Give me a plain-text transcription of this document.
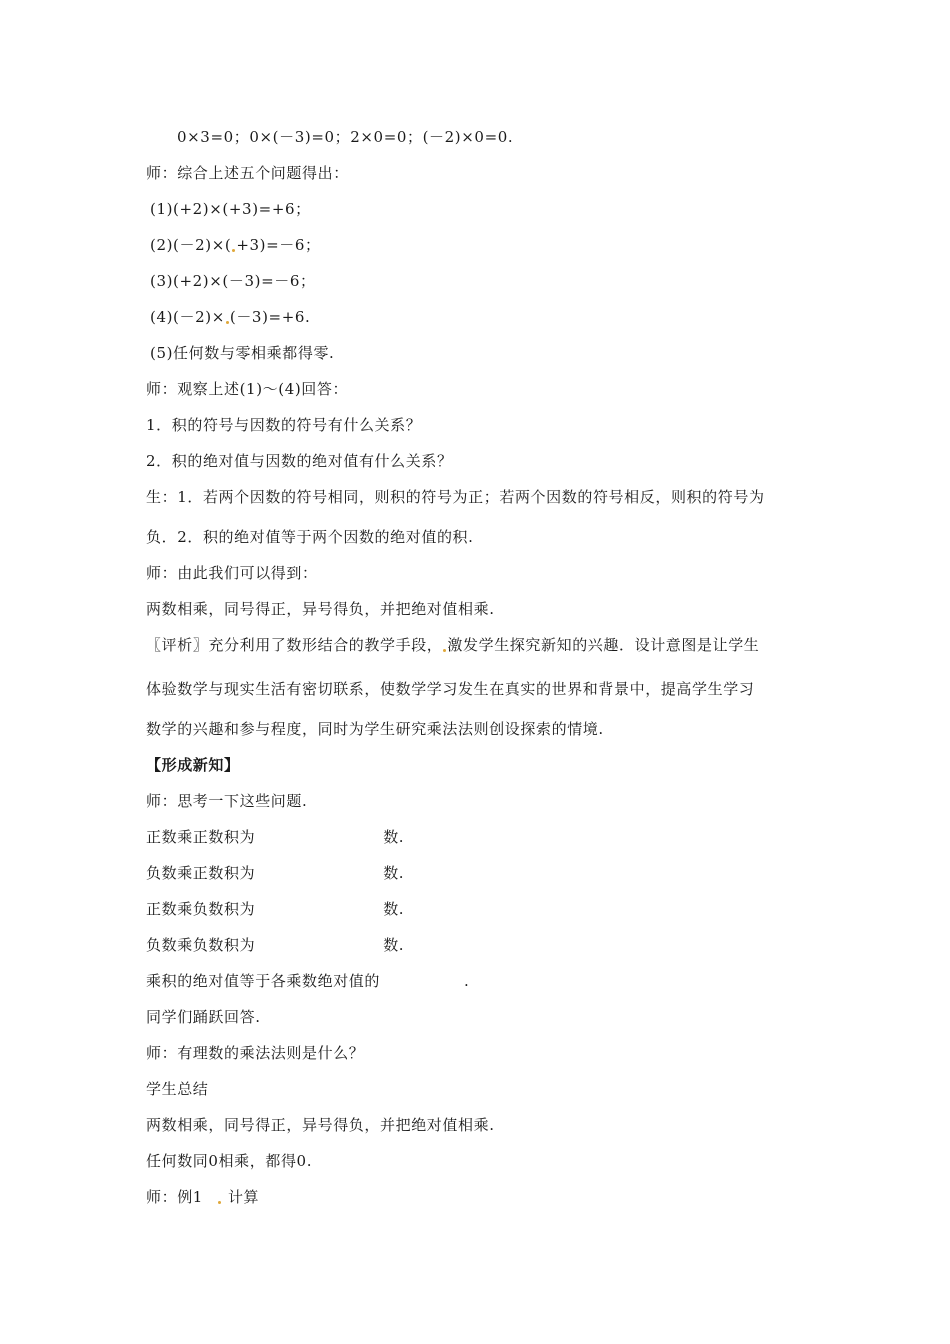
0×3=0；0×(－3)=0；2×0=0；(－2)×0=0.
师：综合上述五个问题得出：
(1)(+2)×(+3)=+6；
(2)(－2)×( +3)=－6；
(3)(+2)×(－3)=－6；
(4)(－2)× (－3)=+6.
(5)任何数与零相乘都得零.
师：观察上述(1)～(4)回答：
1．积的符号与因数的符号有什么关系？
2．积的绝对值与因数的绝对值有什么关系？
生：1．若两个因数的符号相同，则积的符号为正；若两个因数的符号相反，则积的符号为
负．2．积的绝对值等于两个因数的绝对值的积.
师：由此我们可以得到：
两数相乘，同号得正，异号得负，并把绝对值相乘.
〖评析〗充分利用了数形结合的教学手段， 激发学生探究新知的兴趣．设计意图是让学生
体验数学与现实生活有密切联系，使数学学习发生在真实的世界和背景中，提高学生学习
数学的兴趣和参与程度，同时为学生研究乘法法则创设探索的情境.
【形成新知】
师：思考一下这些问题.
正数乘正数积为	数.
负数乘正数积为	数.
正数乘负数积为	数.
负数乘负数积为	数.
乘积的绝对值等于各乘数绝对值的	.
同学们踊跃回答.
师：有理数的乘法法则是什么？
学生总结
两数相乘，同号得正，异号得负，并把绝对值相乘.
任何数同0相乘，都得0.
师：例1 计算
